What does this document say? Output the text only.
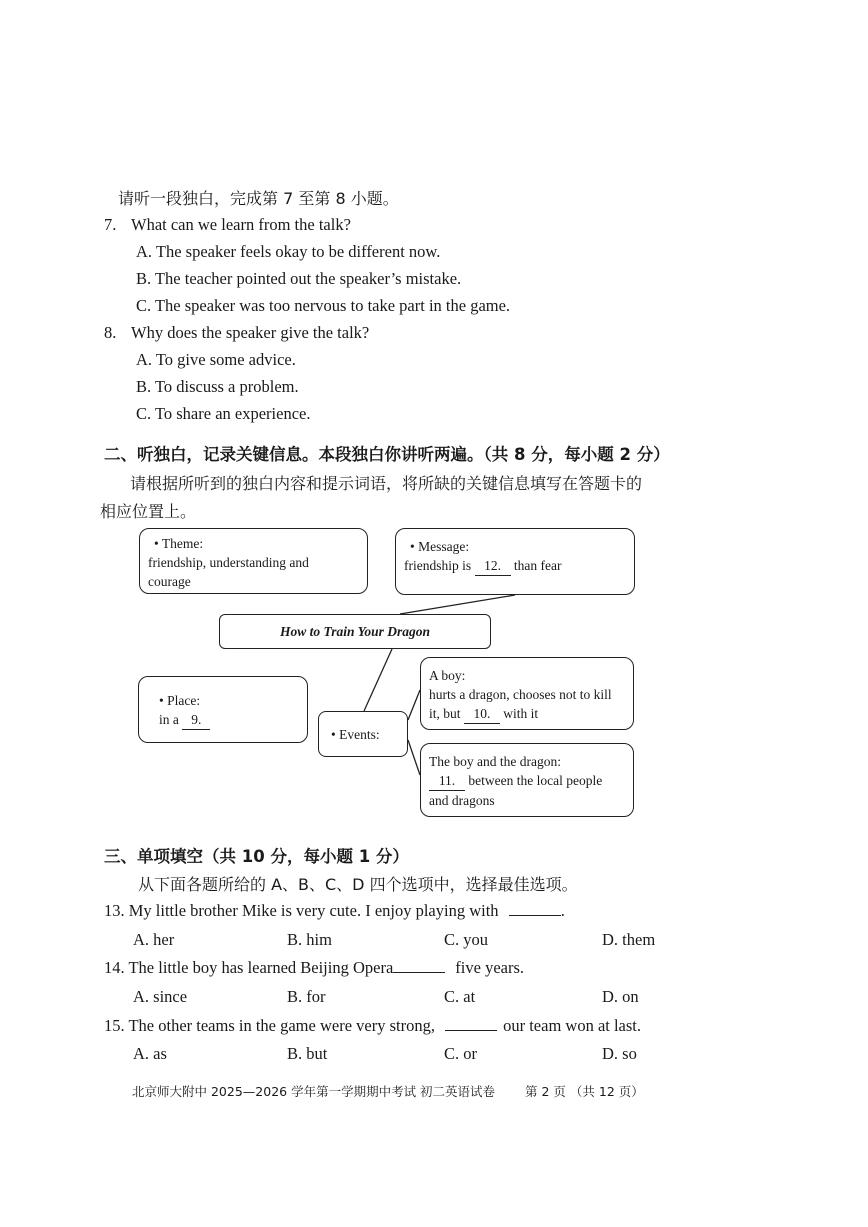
请听一段独白，完成第 7 至第 8 小题。
7. What can we learn from the talk?
A. The speaker feels okay to be different now.
B. The teacher pointed out the speaker’s mistake.
C. The speaker was too nervous to take part in the game.
8. Why does the speaker give the talk?
A. To give some advice.
B. To discuss a problem.
C. To share an experience.
二、听独白，记录关键信息。本段独白你讲听两遍。（共 8 分，每小题 2 分）
请根据所听到的独白内容和提示词语，将所缺的关键信息填写在答题卡的
相应位置上。
• Theme:
friendship, understanding and
courage
• Message:
friendship is 12. than fear
How to Train Your Dragon
• Place:
in a 9.
• Events:
A boy:
hurts a dragon, chooses not to kill
it, but 10. with it
The boy and the dragon:
11. between the local people
and dragons
三、单项填空（共 10 分，每小题 1 分）
从下面各题所给的 A、B、C、D 四个选项中，选择最佳选项。
13. My little brother Mike is very cute. I enjoy playing with	.
A. her	B. him	C. you	D. them
14. The little boy has learned Beijing Opera	five years.
A. since	B. for	C. at	D. on
15. The other teams in the game were very strong,	our team won at last.
A. as	B. but	C. or	D. so
北京师大附中 2025—2026 学年第一学期期中考试 初二英语试卷 第 2 页 （共 12 页）
